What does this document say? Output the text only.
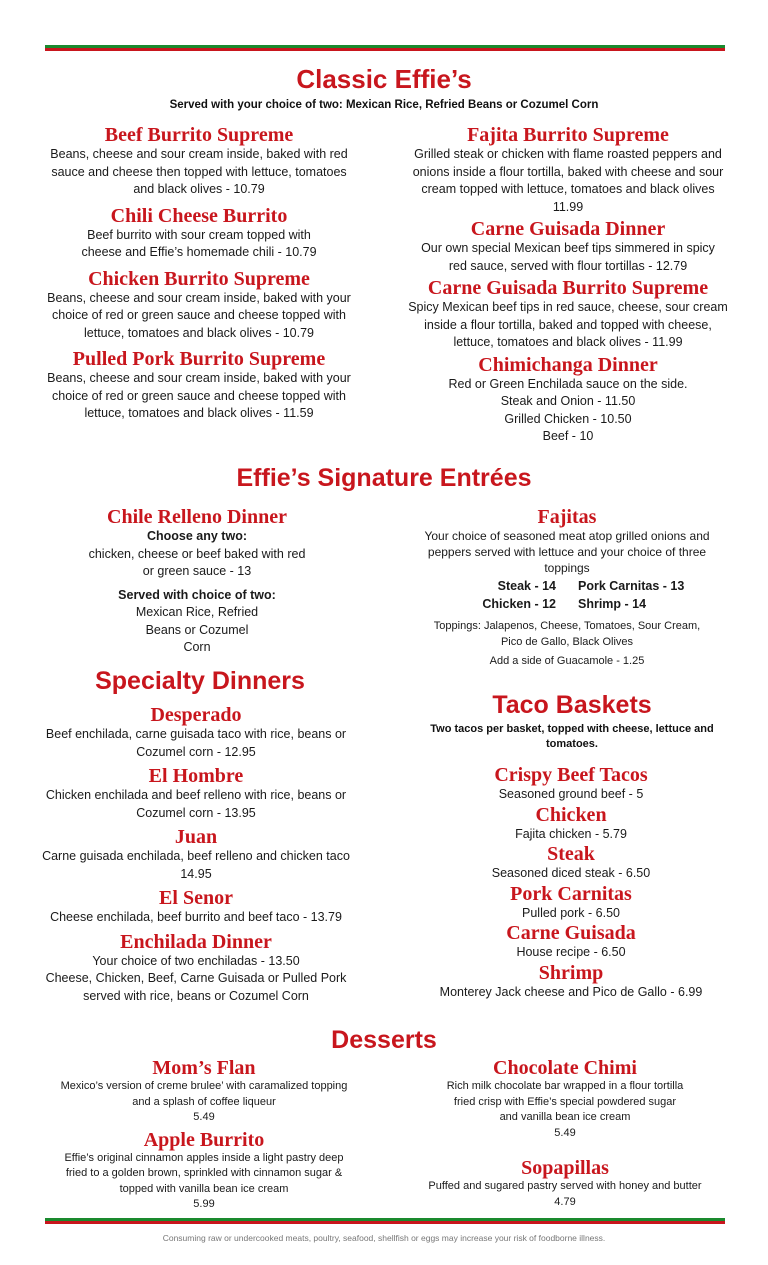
Classic Effie’s

Served with your choice of two: Mexican Rice, Refried Beans or Cozumel Corn

Beef Burrito Supreme
Beans, cheese and sour cream inside, baked with red sauce and cheese then topped with lettuce, tomatoes and black olives - 10.79
Chili Cheese Burrito
Beef burrito with sour cream topped with cheese and Effie’s homemade chili - 10.79
Chicken Burrito Supreme
Beans, cheese and sour cream inside, baked with your choice of red or green sauce and cheese topped with lettuce, tomatoes and black olives - 10.79
Pulled Pork Burrito Supreme
Beans, cheese and sour cream inside, baked with your choice of red or green sauce and cheese topped with lettuce, tomatoes and black olives - 11.59
Fajita Burrito Supreme
Grilled steak or chicken with flame roasted peppers and onions inside a flour tortilla, baked with cheese and sour cream topped with lettuce, tomatoes and black olives
11.99
Carne Guisada Dinner
Our own special Mexican beef tips simmered in spicy red sauce, served with flour tortillas - 12.79
Carne Guisada Burrito Supreme
Spicy Mexican beef tips in red sauce, cheese, sour cream inside a flour tortilla, baked and topped with cheese, lettuce, tomatoes and black olives - 11.99
Chimichanga Dinner
Red or Green Enchilada sauce on the side.
Steak and Onion - 11.50
Grilled Chicken - 10.50
Beef - 10
Effie’s Signature Entrées
Chile Relleno Dinner
Choose any two:
chicken, cheese or beef baked with red or green sauce - 13
Served with choice of two:
Mexican Rice, Refried Beans or Cozumel Corn
Fajitas
Your choice of seasoned meat atop grilled onions and peppers served with lettuce and your choice of three toppings
Steak - 14 Pork Carnitas - 13
Chicken - 12 Shrimp - 14
Toppings: Jalapenos, Cheese, Tomatoes, Sour Cream, Pico de Gallo, Black Olives
Add a side of Guacamole - 1.25
Specialty Dinners
Desperado
Beef enchilada, carne guisada taco with rice, beans or Cozumel corn - 12.95
El Hombre
Chicken enchilada and beef relleno with rice, beans or Cozumel corn - 13.95
Juan
Carne guisada enchilada, beef relleno and chicken taco 14.95
El Senor
Cheese enchilada, beef burrito and beef taco - 13.79
Enchilada Dinner
Your choice of two enchiladas - 13.50
Cheese, Chicken, Beef, Carne Guisada or Pulled Pork served with rice, beans or Cozumel Corn
Taco Baskets

Two tacos per basket, topped with cheese, lettuce and tomatoes.

Crispy Beef Tacos
Seasoned ground beef - 5
Chicken
Fajita chicken - 5.79
Steak
Seasoned diced steak - 6.50
Pork Carnitas
Pulled pork - 6.50
Carne Guisada
House recipe - 6.50
Shrimp
Monterey Jack cheese and Pico de Gallo - 6.99
Desserts
Mom’s Flan
Mexico’s version of creme brulee’ with caramalized topping and a splash of coffee liqueur
5.49
Apple Burrito
Effie’s original cinnamon apples inside a light pastry deep fried to a golden brown, sprinkled with cinnamon sugar & topped with vanilla bean ice cream
5.99
Chocolate Chimi
Rich milk chocolate bar wrapped in a flour tortilla fried crisp with Effie’s special powdered sugar and vanilla bean ice cream
5.49
Sopapillas
Puffed and sugared pastry served with honey and butter
4.79
Consuming raw or undercooked meats, poultry, seafood, shellfish or eggs may increase your risk of foodborne illness.
